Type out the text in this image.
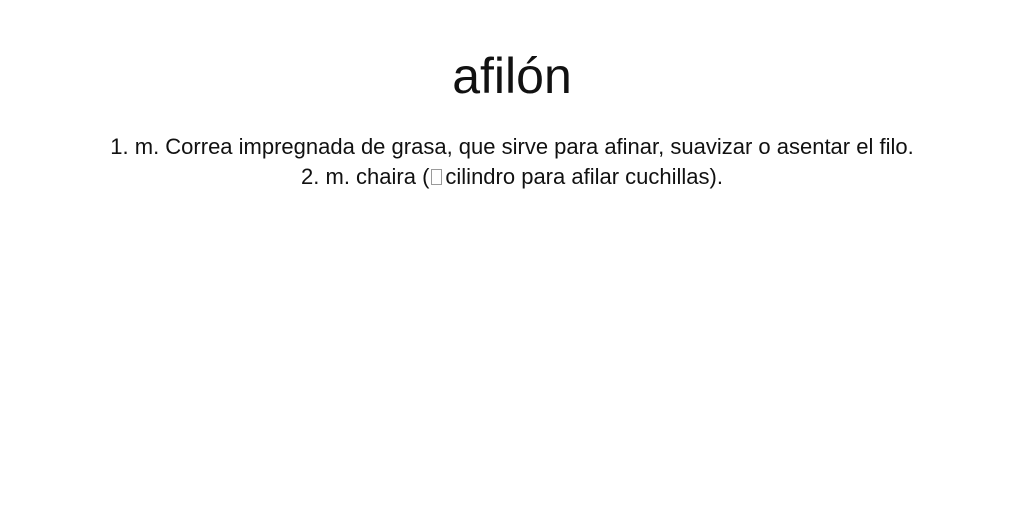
afilón

1. m. Correa impregnada de grasa, que sirve para afinar, suavizar o asentar el filo.

2. m. chaira ( cilindro para afilar cuchillas).
